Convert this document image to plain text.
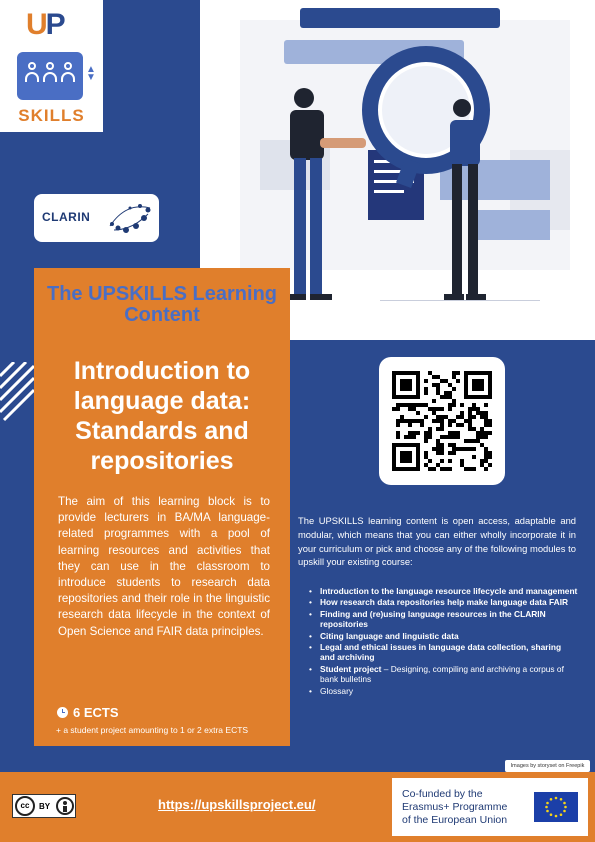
UP
▲
▼
SKILLS
CLARIN
The UPSKILLS Learning Content
Introduction to language data: Standards and repositories
The aim of this learning block is to provide lecturers in BA/MA language-related programmes with a pool of learning resources and activities that they can use in the classroom to introduce students to research data repositories and their role in the linguistic research data lifecycle in the context of Open Science and FAIR data principles.
6 ECTS
+ a student project amounting to 1 or 2 extra ECTS
The UPSKILLS learning content is open access, adaptable and modular, which means that you can either wholly incorporate it in your curriculum or pick and choose any of the following modules to upskill your existing course:
• Introduction to the language resource lifecycle and management
• How research data repositories help make language data FAIR
• Finding and (re)using language resources in the CLARIN repositories
• Citing language and linguistic data
• Legal and ethical issues in language data collection, sharing and archiving
• Student project – Designing, compiling and archiving a corpus of bank bulletins
• Glossary
Images by storyset on Freepik
cc	BY	https://upskillsproject.eu/
Co-funded by the
Erasmus+ Programme
of the European Union
